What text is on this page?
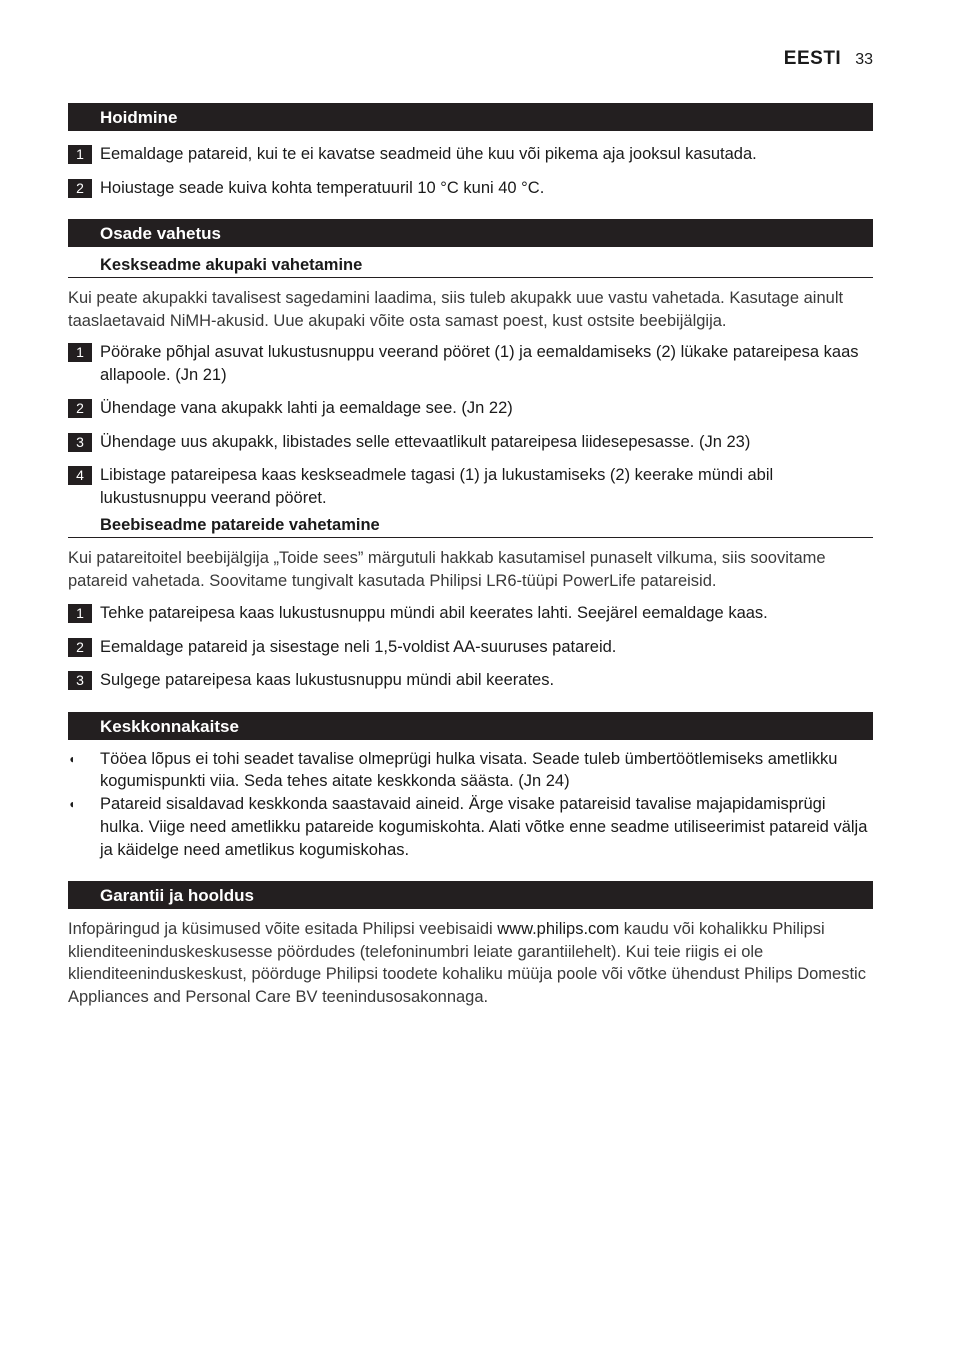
EESTI 33
Hoidmine
1 Eemaldage patareid, kui te ei kavatse seadmeid ühe kuu või pikema aja jooksul kasutada.
2 Hoiustage seade kuiva kohta temperatuuril 10 °C kuni 40 °C.
Osade vahetus
Keskseadme akupaki vahetamine
Kui peate akupakki tavalisest sagedamini laadima, siis tuleb akupakk uue vastu vahetada. Kasutage ainult taaslaetavaid NiMH-akusid. Uue akupaki võite osta samast poest, kust ostsite beebijälgija.
1 Pöörake põhjal asuvat lukustusnuppu veerand pööret (1) ja eemaldamiseks (2) lükake patareipesa kaas allapoole. (Jn 21)
2 Ühendage vana akupakk lahti ja eemaldage see. (Jn 22)
3 Ühendage uus akupakk, libistades selle ettevaatlikult patareipesa liidesepesasse. (Jn 23)
4 Libistage patareipesa kaas keskseadmele tagasi (1) ja lukustamiseks (2) keerake mündi abil lukustusnuppu veerand pööret.
Beebiseadme patareide vahetamine
Kui patareitoitel beebijälgija „Toide sees” märgutuli hakkab kasutamisel punaselt vilkuma, siis soovitame patareid vahetada. Soovitame tungivalt kasutada Philipsi LR6-tüüpi PowerLife patareisid.
1 Tehke patareipesa kaas lukustusnuppu mündi abil keerates lahti. Seejärel eemaldage kaas.
2 Eemaldage patareid ja sisestage neli 1,5-voldist AA-suuruses patareid.
3 Sulgege patareipesa kaas lukustusnuppu mündi abil keerates.
Keskkonnakaitse
◖ Tööea lõpus ei tohi seadet tavalise olmeprügi hulka visata. Seade tuleb ümbertöötlemiseks ametlikku kogumispunkti viia. Seda tehes aitate keskkonda säästa. (Jn 24)
◖ Patareid sisaldavad keskkonda saastavaid aineid. Ärge visake patareisid tavalise majapidamisprügi hulka. Viige need ametlikku patareide kogumiskohta. Alati võtke enne seadme utiliseerimist patareid välja ja käidelge need ametlikus kogumiskohas.
Garantii ja hooldus
Infopäringud ja küsimused võite esitada Philipsi veebisaidi www.philips.com kaudu või kohalikku Philipsi klienditeeninduskeskusesse pöördudes (telefoninumbri leiate garantiilehelt). Kui teie riigis ei ole klienditeeninduskeskust, pöörduge Philipsi toodete kohaliku müüja poole või võtke ühendust Philips Domestic Appliances and Personal Care BV teenindusosakonnaga.
